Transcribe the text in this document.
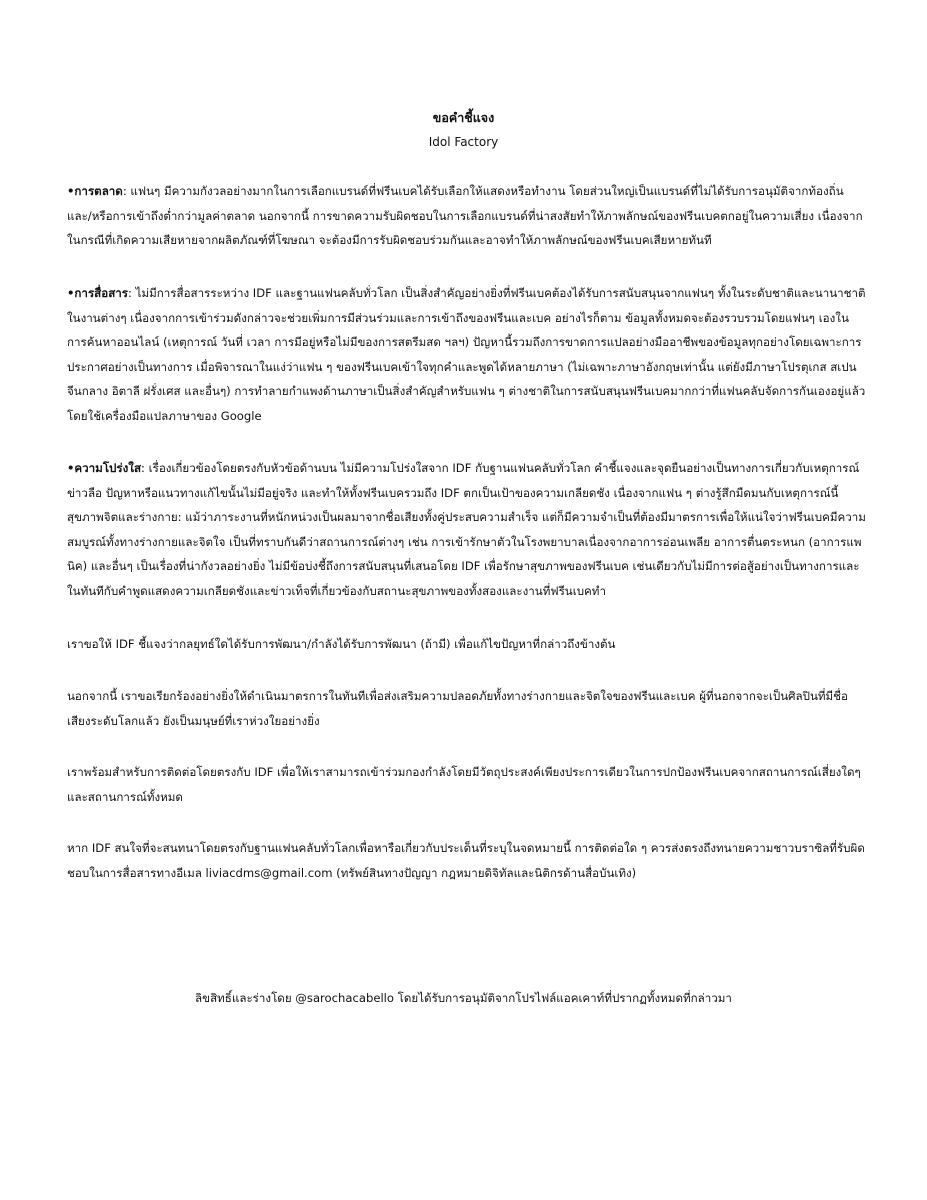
ขอคำชี้แจง
Idol Factory
•การตลาด: แฟนๆ มีความกังวลอย่างมากในการเลือกแบรนด์ที่ฟรีนเบคได้รับเลือกให้แสดงหรือทำงาน โดยส่วนใหญ่เป็นแบรนด์ที่ไม่ได้รับการอนุมัติจากท้องถิ่นและ/หรือการเข้าถึงต่ำกว่ามูลค่าตลาด นอกจากนี้ การขาดความรับผิดชอบในการเลือกแบรนด์ที่น่าสงสัยทำให้ภาพลักษณ์ของฟรีนเบคตกอยู่ในความเสี่ยง เนื่องจากในกรณีที่เกิดความเสียหายจากผลิตภัณฑ์ที่โฆษณา จะต้องมีการรับผิดชอบร่วมกันและอาจทำให้ภาพลักษณ์ของฟรีนเบคเสียหายทันที
•การสื่อสาร: ไม่มีการสื่อสารระหว่าง IDF และฐานแฟนคลับทั่วโลก เป็นสิ่งสำคัญอย่างยิ่งที่ฟรีนเบคต้องได้รับการสนับสนุนจากแฟนๆ ทั้งในระดับชาติและนานาชาติในงานต่างๆ เนื่องจากการเข้าร่วมดังกล่าวจะช่วยเพิ่มการมีส่วนร่วมและการเข้าถึงของฟรีนและเบค อย่างไรก็ตาม ข้อมูลทั้งหมดจะต้องรวบรวมโดยแฟนๆ เองในการค้นหาออนไลน์ (เหตุการณ์ วันที่ เวลา การมีอยู่หรือไม่มีของการสตรีมสด ฯลฯ) ปัญหานี้รวมถึงการขาดการแปลอย่างมืออาชีพของข้อมูลทุกอย่างโดยเฉพาะการประกาศอย่างเป็นทางการ เมื่อพิจารณาในแง่ว่าแฟน ๆ ของฟรีนเบคเข้าใจทุกคำและพูดได้หลายภาษา (ไม่เฉพาะภาษาอังกฤษเท่านั้น แต่ยังมีภาษาโปรตุเกส สเปน จีนกลาง อิตาลี ฝรั่งเศส และอื่นๆ) การทำลายกำแพงด้านภาษาเป็นสิ่งสำคัญสำหรับแฟน ๆ ต่างชาติในการสนับสนุนฟรีนเบคมากกว่าที่แฟนคลับจัดการกันเองอยู่แล้วโดยใช้เครื่องมือแปลภาษาของ Google
•ความโปร่งใส: เรื่องเกี่ยวข้องโดยตรงกับหัวข้อด้านบน ไม่มีความโปร่งใสจาก IDF กับฐานแฟนคลับทั่วโลก คำชี้แจงและจุดยืนอย่างเป็นทางการเกี่ยวกับเหตุการณ์ข่าวลือ ปัญหาหรือแนวทางแก้ไขนั้นไม่มีอยู่จริง และทำให้ทั้งฟรีนเบครวมถึง IDF ตกเป็นเป้าของความเกลียดชัง เนื่องจากแฟน ๆ ต่างรู้สึกมืดมนกับเหตุการณ์นี้ สุขภาพจิตและร่างกาย: แม้ว่าภาระงานที่หนักหน่วงเป็นผลมาจากชื่อเสียงทั้งคู่ประสบความสำเร็จ แต่ก็มีความจำเป็นที่ต้องมีมาตรการเพื่อให้แน่ใจว่าฟรีนเบคมีความสมบูรณ์ทั้งทางร่างกายและจิตใจ เป็นที่ทราบกันดีว่าสถานการณ์ต่างๆ เช่น การเข้ารักษาตัวในโรงพยาบาลเนื่องจากอาการอ่อนเพลีย อาการตื่นตระหนก (อาการแพนิค) และอื่นๆ เป็นเรื่องที่น่ากังวลอย่างยิ่ง ไม่มีข้อบ่งชี้ถึงการสนับสนุนที่เสนอโดย IDF เพื่อรักษาสุขภาพของฟรีนเบค เช่นเดียวกับไม่มีการต่อสู้อย่างเป็นทางการและในทันทีกับคำพูดแสดงความเกลียดชังและข่าวเท็จที่เกี่ยวข้องกับสถานะสุขภาพของทั้งสองและงานที่ฟรีนเบคทำ
เราขอให้ IDF ชี้แจงว่ากลยุทธ์ใดได้รับการพัฒนา/กำลังได้รับการพัฒนา (ถ้ามี) เพื่อแก้ไขปัญหาที่กล่าวถึงข้างต้น
นอกจากนี้ เราขอเรียกร้องอย่างยิ่งให้ดำเนินมาตรการในทันทีเพื่อส่งเสริมความปลอดภัยทั้งทางร่างกายและจิตใจของฟรีนและเบค ผู้ที่นอกจากจะเป็นศิลปินที่มีชื่อเสียงระดับโลกแล้ว ยังเป็นมนุษย์ที่เราห่วงใยอย่างยิ่ง
เราพร้อมสำหรับการติดต่อโดยตรงกับ IDF เพื่อให้เราสามารถเข้าร่วมกองกำลังโดยมีวัตถุประสงค์เพียงประการเดียวในการปกป้องฟรีนเบคจากสถานการณ์เสี่ยงใดๆ และสถานการณ์ทั้งหมด
หาก IDF สนใจที่จะสนทนาโดยตรงกับฐานแฟนคลับทั่วโลกเพื่อหารือเกี่ยวกับประเด็นที่ระบุในจดหมายนี้ การติดต่อใด ๆ ควรส่งตรงถึงทนายความชาวบราซิลที่รับผิดชอบในการสื่อสารทางอีเมล liviacdms@gmail.com (ทรัพย์สินทางปัญญา กฎหมายดิจิทัลและนิติกรด้านสื่อบันเทิง)
ลิขสิทธิ์และร่างโดย @sarochacabello โดยได้รับการอนุมัติจากโปรไฟล์แอคเคาท์ที่ปรากฏทั้งหมดที่กล่าวมา
